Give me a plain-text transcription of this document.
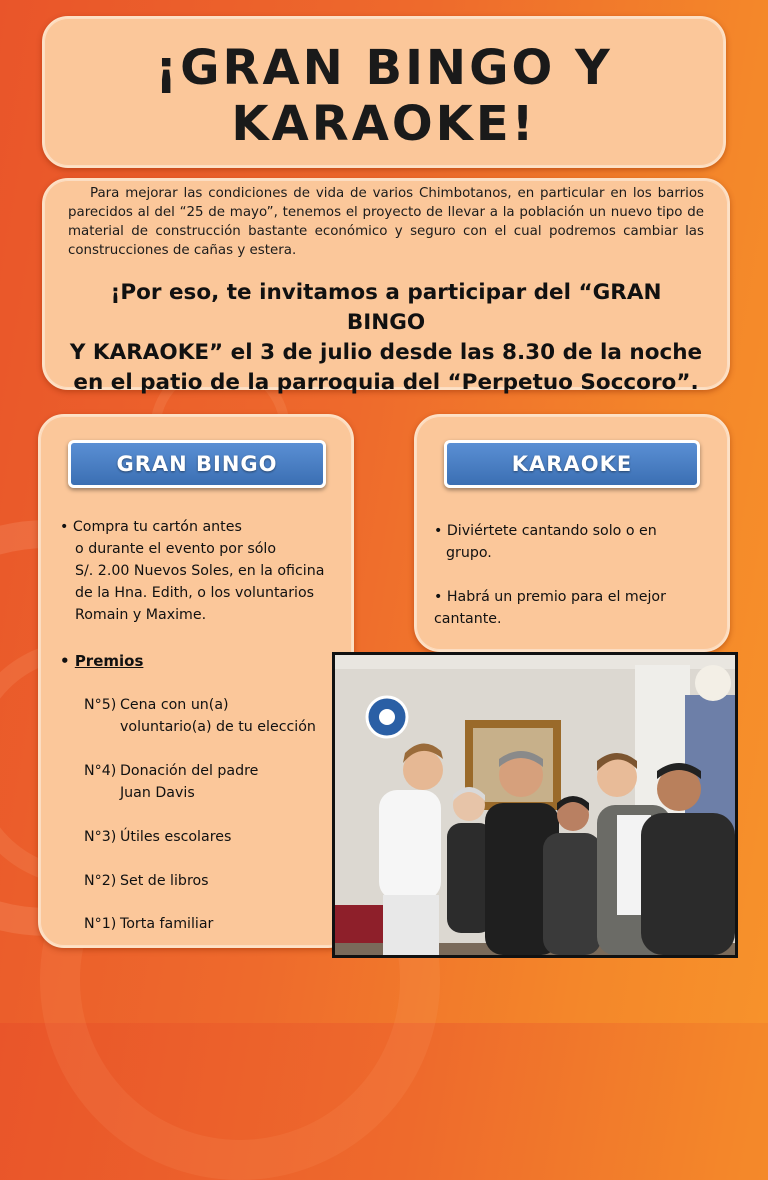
¡GRAN BINGO Y
KARAOKE!

Para mejorar las condiciones de vida de varios Chimbotanos, en particular en los barrios parecidos al del “25 de mayo”, tenemos el proyecto de llevar a la población un nuevo tipo de material de construcción bastante económico y seguro con el cual podremos cambiar las construcciones de cañas y estera.

¡Por eso, te invitamos a participar del “GRAN BINGO
Y KARAOKE” el 3 de julio desde las 8.30 de la noche
en el patio de la parroquia del “Perpetuo Soccoro”.

GRAN BINGO
• Compra tu cartón antes
o durante el evento por sólo
S/. 2.00 Nuevos Soles, en la oficina
de la Hna. Edith, o los voluntarios
Romain y Maxime.
• Premios
N°5) Cena con un(a)
voluntario(a) de tu elección
N°4) Donación del padre
Juan Davis
N°3) Útiles escolares
N°2) Set de libros
N°1) Torta familiar
KARAOKE
• Diviértete cantando solo o en
grupo.
• Habrá un premio para el mejor
cantante.
